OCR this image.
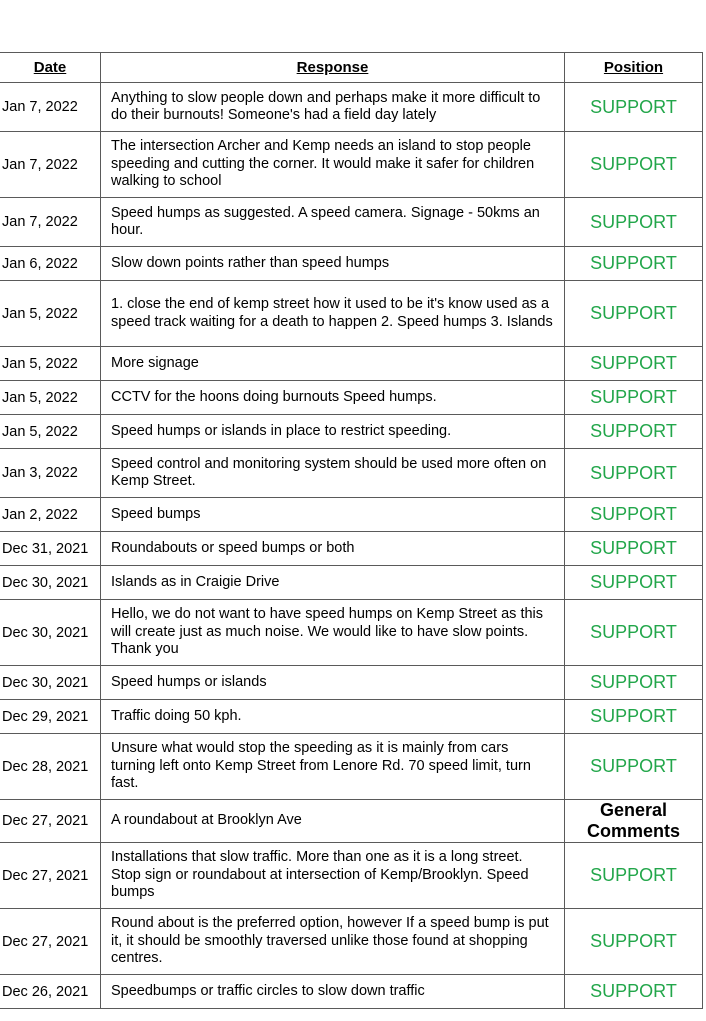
Date	Response	Position
Jan 7, 2022	Anything to slow people down and perhaps make it more difficult to do their burnouts! Someone's had a field day lately	SUPPORT
Jan 7, 2022	The intersection Archer and Kemp needs an island to stop people speeding and cutting the corner. It would make it safer for children walking to school	SUPPORT
Jan 7, 2022	Speed humps as suggested. A speed camera. Signage - 50kms an hour.	SUPPORT
Jan 6, 2022	Slow down points rather than speed humps	SUPPORT
Jan 5, 2022	1. close the end of kemp street how it used to be it's know used as a speed track waiting for a death to happen 2. Speed humps 3. Islands	SUPPORT
Jan 5, 2022	More signage	SUPPORT
Jan 5, 2022	CCTV for the hoons doing burnouts Speed humps.	SUPPORT
Jan 5, 2022	Speed humps or islands in place to restrict speeding.	SUPPORT
Jan 3, 2022	Speed control and monitoring system should be used more often on Kemp Street.	SUPPORT
Jan 2, 2022	Speed bumps	SUPPORT
Dec 31, 2021	Roundabouts or speed bumps or both	SUPPORT
Dec 30, 2021	Islands as in Craigie Drive	SUPPORT
Dec 30, 2021	Hello, we do not want to have speed humps on Kemp Street as this will create just as much noise. We would like to have slow points. Thank you	SUPPORT
Dec 30, 2021	Speed humps or islands	SUPPORT
Dec 29, 2021	Traffic doing 50 kph.	SUPPORT
Dec 28, 2021	Unsure what would stop the speeding as it is mainly from cars turning left onto Kemp Street from Lenore Rd. 70 speed limit, turn fast.	SUPPORT
Dec 27, 2021	A roundabout at Brooklyn Ave	General Comments
Dec 27, 2021	Installations that slow traffic. More than one as it is a long street. Stop sign or roundabout at intersection of Kemp/Brooklyn. Speed bumps	SUPPORT
Dec 27, 2021	Round about is the preferred option, however If a speed bump is put it, it should be smoothly traversed unlike those found at shopping centres.	SUPPORT
Dec 26, 2021	Speedbumps or traffic circles to slow down traffic	SUPPORT
